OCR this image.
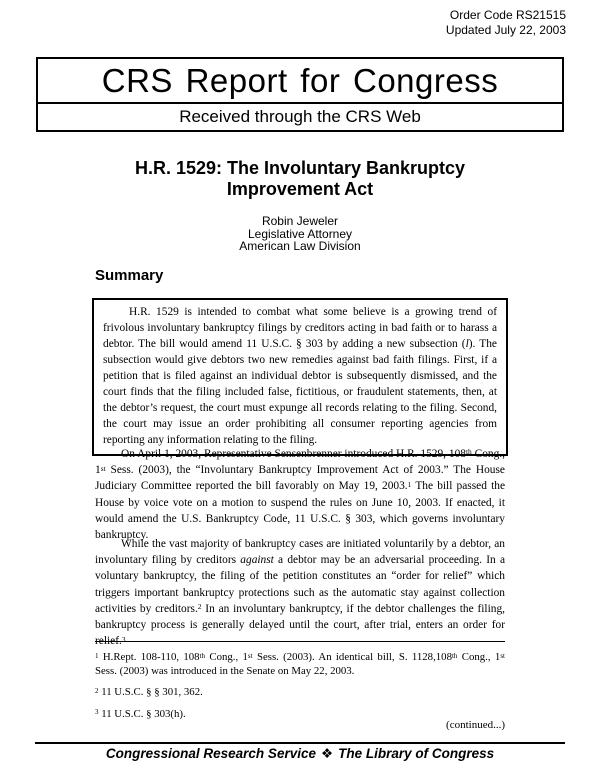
Order Code RS21515
Updated July 22, 2003
CRS Report for Congress
Received through the CRS Web
H.R. 1529: The Involuntary Bankruptcy
Improvement Act
Robin Jeweler
Legislative Attorney
American Law Division
Summary

H.R. 1529 is intended to combat what some believe is a growing trend of frivolous involuntary bankruptcy filings by creditors acting in bad faith or to harass a debtor. The bill would amend 11 U.S.C. § 303 by adding a new subsection (l). The subsection would give debtors two new remedies against bad faith filings. First, if a petition that is filed against an individual debtor is subsequently dismissed, and the court finds that the filing included false, fictitious, or fraudulent statements, then, at the debtor’s request, the court must expunge all records relating to the filing. Second, the court may issue an order prohibiting all consumer reporting agencies from reporting any information relating to the filing.

On April 1, 2003, Representative Sensenbrenner introduced H.R. 1529, 108th Cong., 1st Sess. (2003), the “Involuntary Bankruptcy Improvement Act of 2003.” The House Judiciary Committee reported the bill favorably on May 19, 2003.$^1$ The bill passed the House by voice vote on a motion to suspend the rules on June 10, 2003. If enacted, it would amend the U.S. Bankruptcy Code, 11 U.S.C. § 303, which governs involuntary bankruptcy.

While the vast majority of bankruptcy cases are initiated voluntarily by a debtor, an involuntary filing by creditors against a debtor may be an adversarial proceeding. In a voluntary bankruptcy, the filing of the petition constitutes an “order for relief” which triggers important bankruptcy protections such as the automatic stay against collection activities by creditors.$^2$ In an involuntary bankruptcy, if the debtor challenges the filing, bankruptcy process is generally delayed until the court, after trial, enters an order for relief.$^3$

$^1$ H.Rept. 108-110, 108th Cong., 1st Sess. (2003). An identical bill, S. 1128,108th Cong., 1st Sess. (2003) was introduced in the Senate on May 22, 2003.

$^2$ 11 U.S.C. § § 301, 362.

$^3$ 11 U.S.C. § 303(h).

(continued...)
Congressional Research Service ❖ The Library of Congress
